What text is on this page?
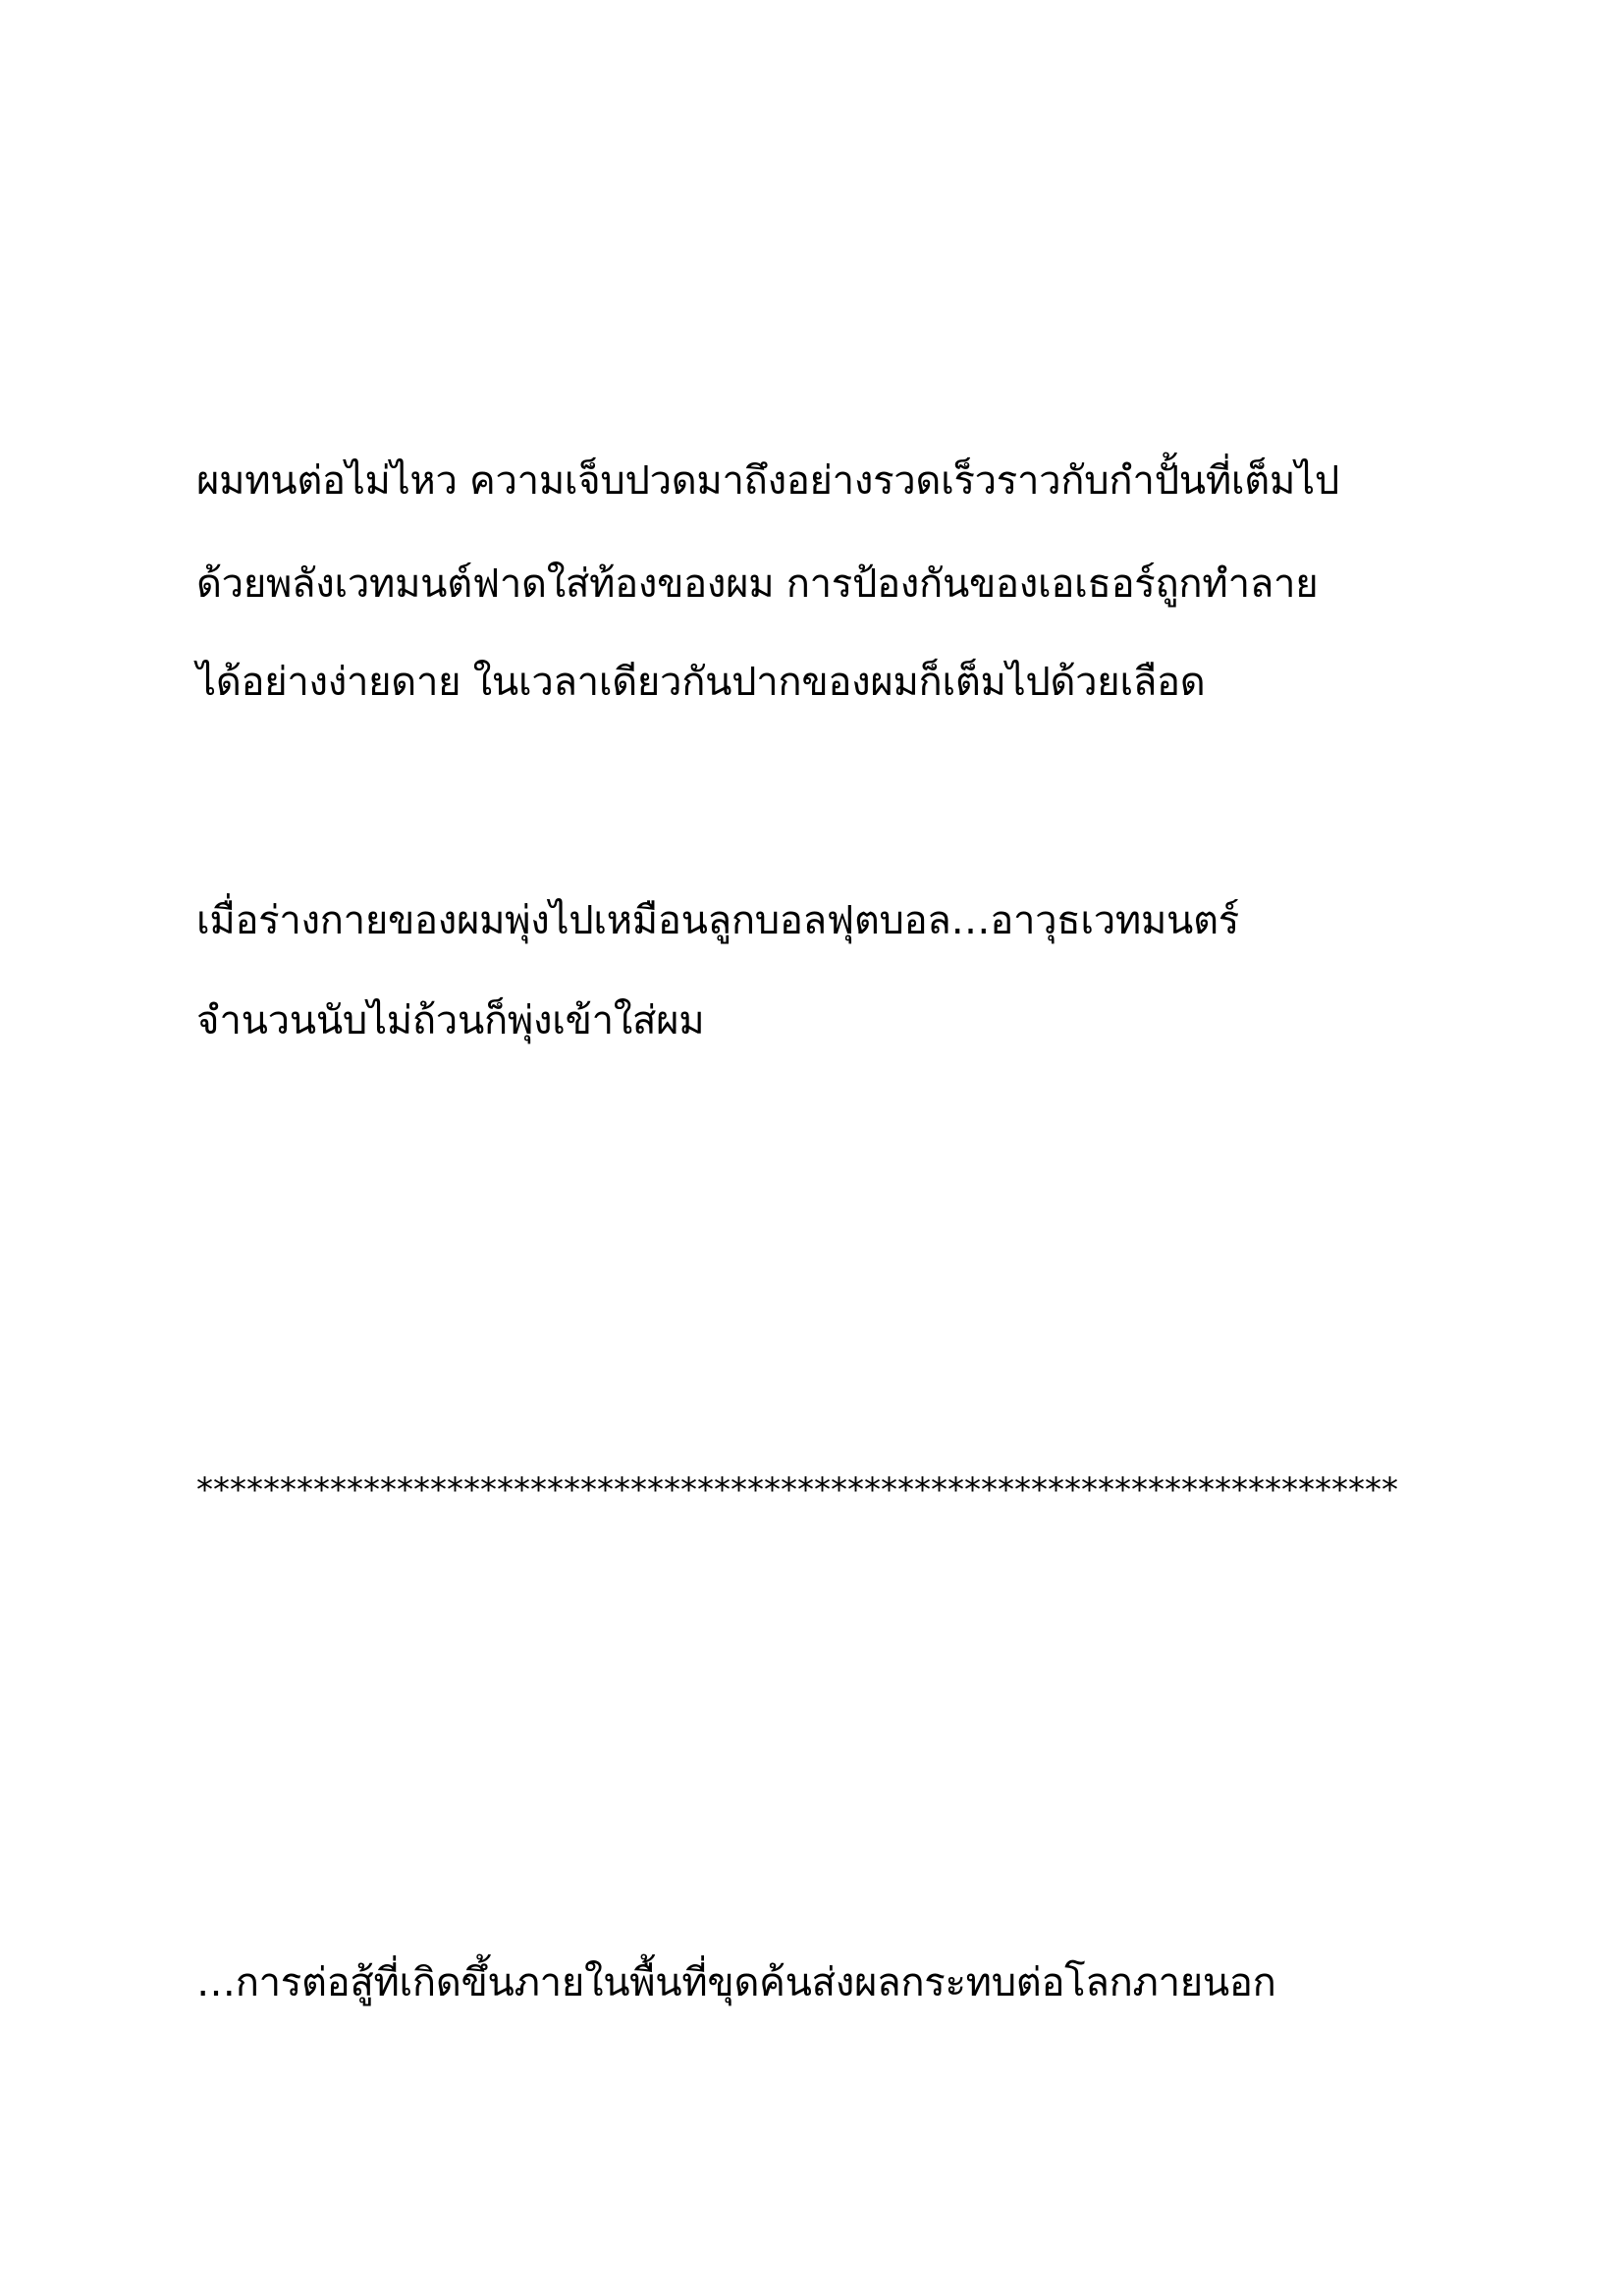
ผมทนต่อไม่ไหว ความเจ็บปวดมาถึงอย่างรวดเร็วราวกับกำปั้นที่เต็มไป
ด้วยพลังเวทมนต์ฟาดใส่ท้องของผม การป้องกันของเอเธอร์ถูกทำลาย
ได้อย่างง่ายดาย ในเวลาเดียวกันปากของผมก็เต็มไปด้วยเลือด
เมื่อร่างกายของผมพุ่งไปเหมือนลูกบอลฟุตบอล…อาวุธเวทมนตร์
จำนวนนับไม่ถ้วนก็พุ่งเข้าใส่ผม
************************************************************************
…การต่อสู้ที่เกิดขึ้นภายในพื้นที่ขุดค้นส่งผลกระทบต่อโลกภายนอก
